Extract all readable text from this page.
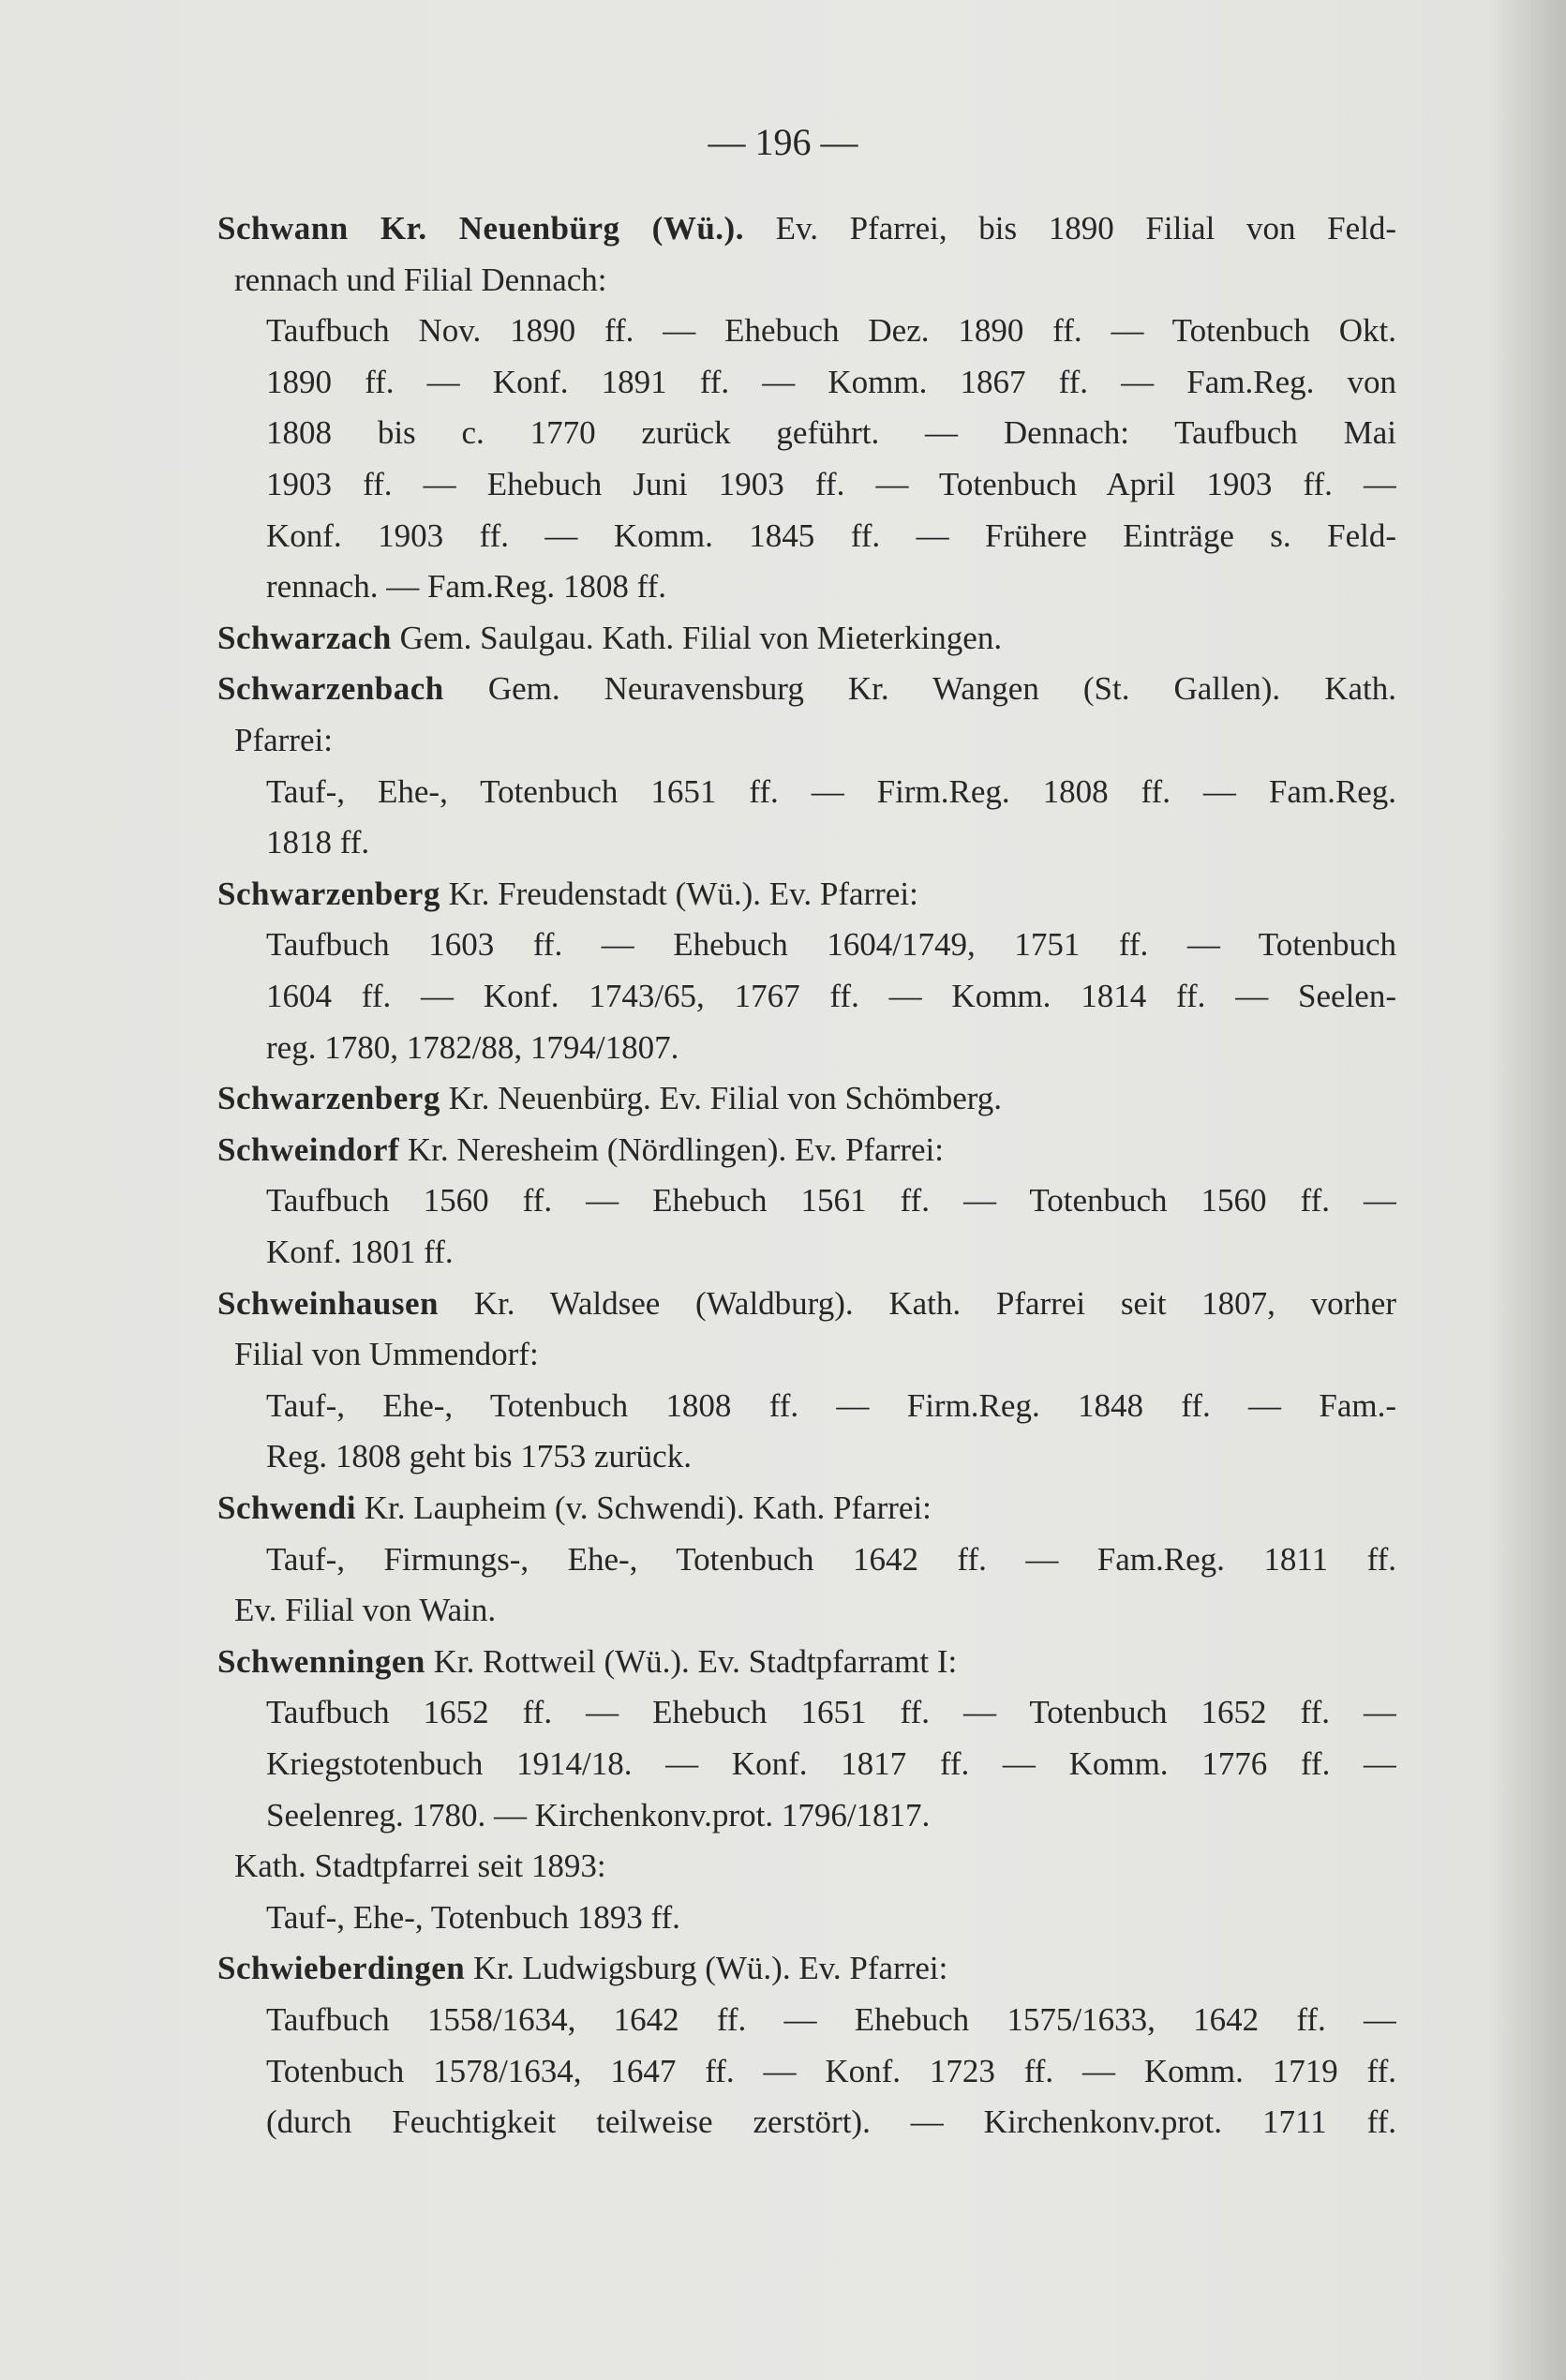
— 196 —
Schwann Kr. Neuenbürg (Wü.). Ev. Pfarrei, bis 1890 Filial von Feld-
rennach und Filial Dennach:
Taufbuch Nov. 1890 ff. — Ehebuch Dez. 1890 ff. — Totenbuch Okt.
1890 ff. — Konf. 1891 ff. — Komm. 1867 ff. — Fam.Reg. von
1808 bis c. 1770 zurück geführt. — Dennach: Taufbuch Mai
1903 ff. — Ehebuch Juni 1903 ff. — Totenbuch April 1903 ff. —
Konf. 1903 ff. — Komm. 1845 ff. — Frühere Einträge s. Feld-
rennach. — Fam.Reg. 1808 ff.
Schwarzach Gem. Saulgau. Kath. Filial von Mieterkingen.
Schwarzenbach Gem. Neuravensburg Kr. Wangen (St. Gallen). Kath.
Pfarrei:
Tauf-, Ehe-, Totenbuch 1651 ff. — Firm.Reg. 1808 ff. — Fam.Reg.
1818 ff.
Schwarzenberg Kr. Freudenstadt (Wü.). Ev. Pfarrei:
Taufbuch 1603 ff. — Ehebuch 1604/1749, 1751 ff. — Totenbuch
1604 ff. — Konf. 1743/65, 1767 ff. — Komm. 1814 ff. — Seelen-
reg. 1780, 1782/88, 1794/1807.
Schwarzenberg Kr. Neuenbürg. Ev. Filial von Schömberg.
Schweindorf Kr. Neresheim (Nördlingen). Ev. Pfarrei:
Taufbuch 1560 ff. — Ehebuch 1561 ff. — Totenbuch 1560 ff. —
Konf. 1801 ff.
Schweinhausen Kr. Waldsee (Waldburg). Kath. Pfarrei seit 1807, vorher
Filial von Ummendorf:
Tauf-, Ehe-, Totenbuch 1808 ff. — Firm.Reg. 1848 ff. — Fam.-
Reg. 1808 geht bis 1753 zurück.
Schwendi Kr. Laupheim (v. Schwendi). Kath. Pfarrei:
Tauf-, Firmungs-, Ehe-, Totenbuch 1642 ff. — Fam.Reg. 1811 ff.
Ev. Filial von Wain.
Schwenningen Kr. Rottweil (Wü.). Ev. Stadtpfarramt I:
Taufbuch 1652 ff. — Ehebuch 1651 ff. — Totenbuch 1652 ff. —
Kriegstotenbuch 1914/18. — Konf. 1817 ff. — Komm. 1776 ff. —
Seelenreg. 1780. — Kirchenkonv.prot. 1796/1817.
Kath. Stadtpfarrei seit 1893:
Tauf-, Ehe-, Totenbuch 1893 ff.
Schwieberdingen Kr. Ludwigsburg (Wü.). Ev. Pfarrei:
Taufbuch 1558/1634, 1642 ff. — Ehebuch 1575/1633, 1642 ff. —
Totenbuch 1578/1634, 1647 ff. — Konf. 1723 ff. — Komm. 1719 ff.
(durch Feuchtigkeit teilweise zerstört). — Kirchenkonv.prot. 1711 ff.
